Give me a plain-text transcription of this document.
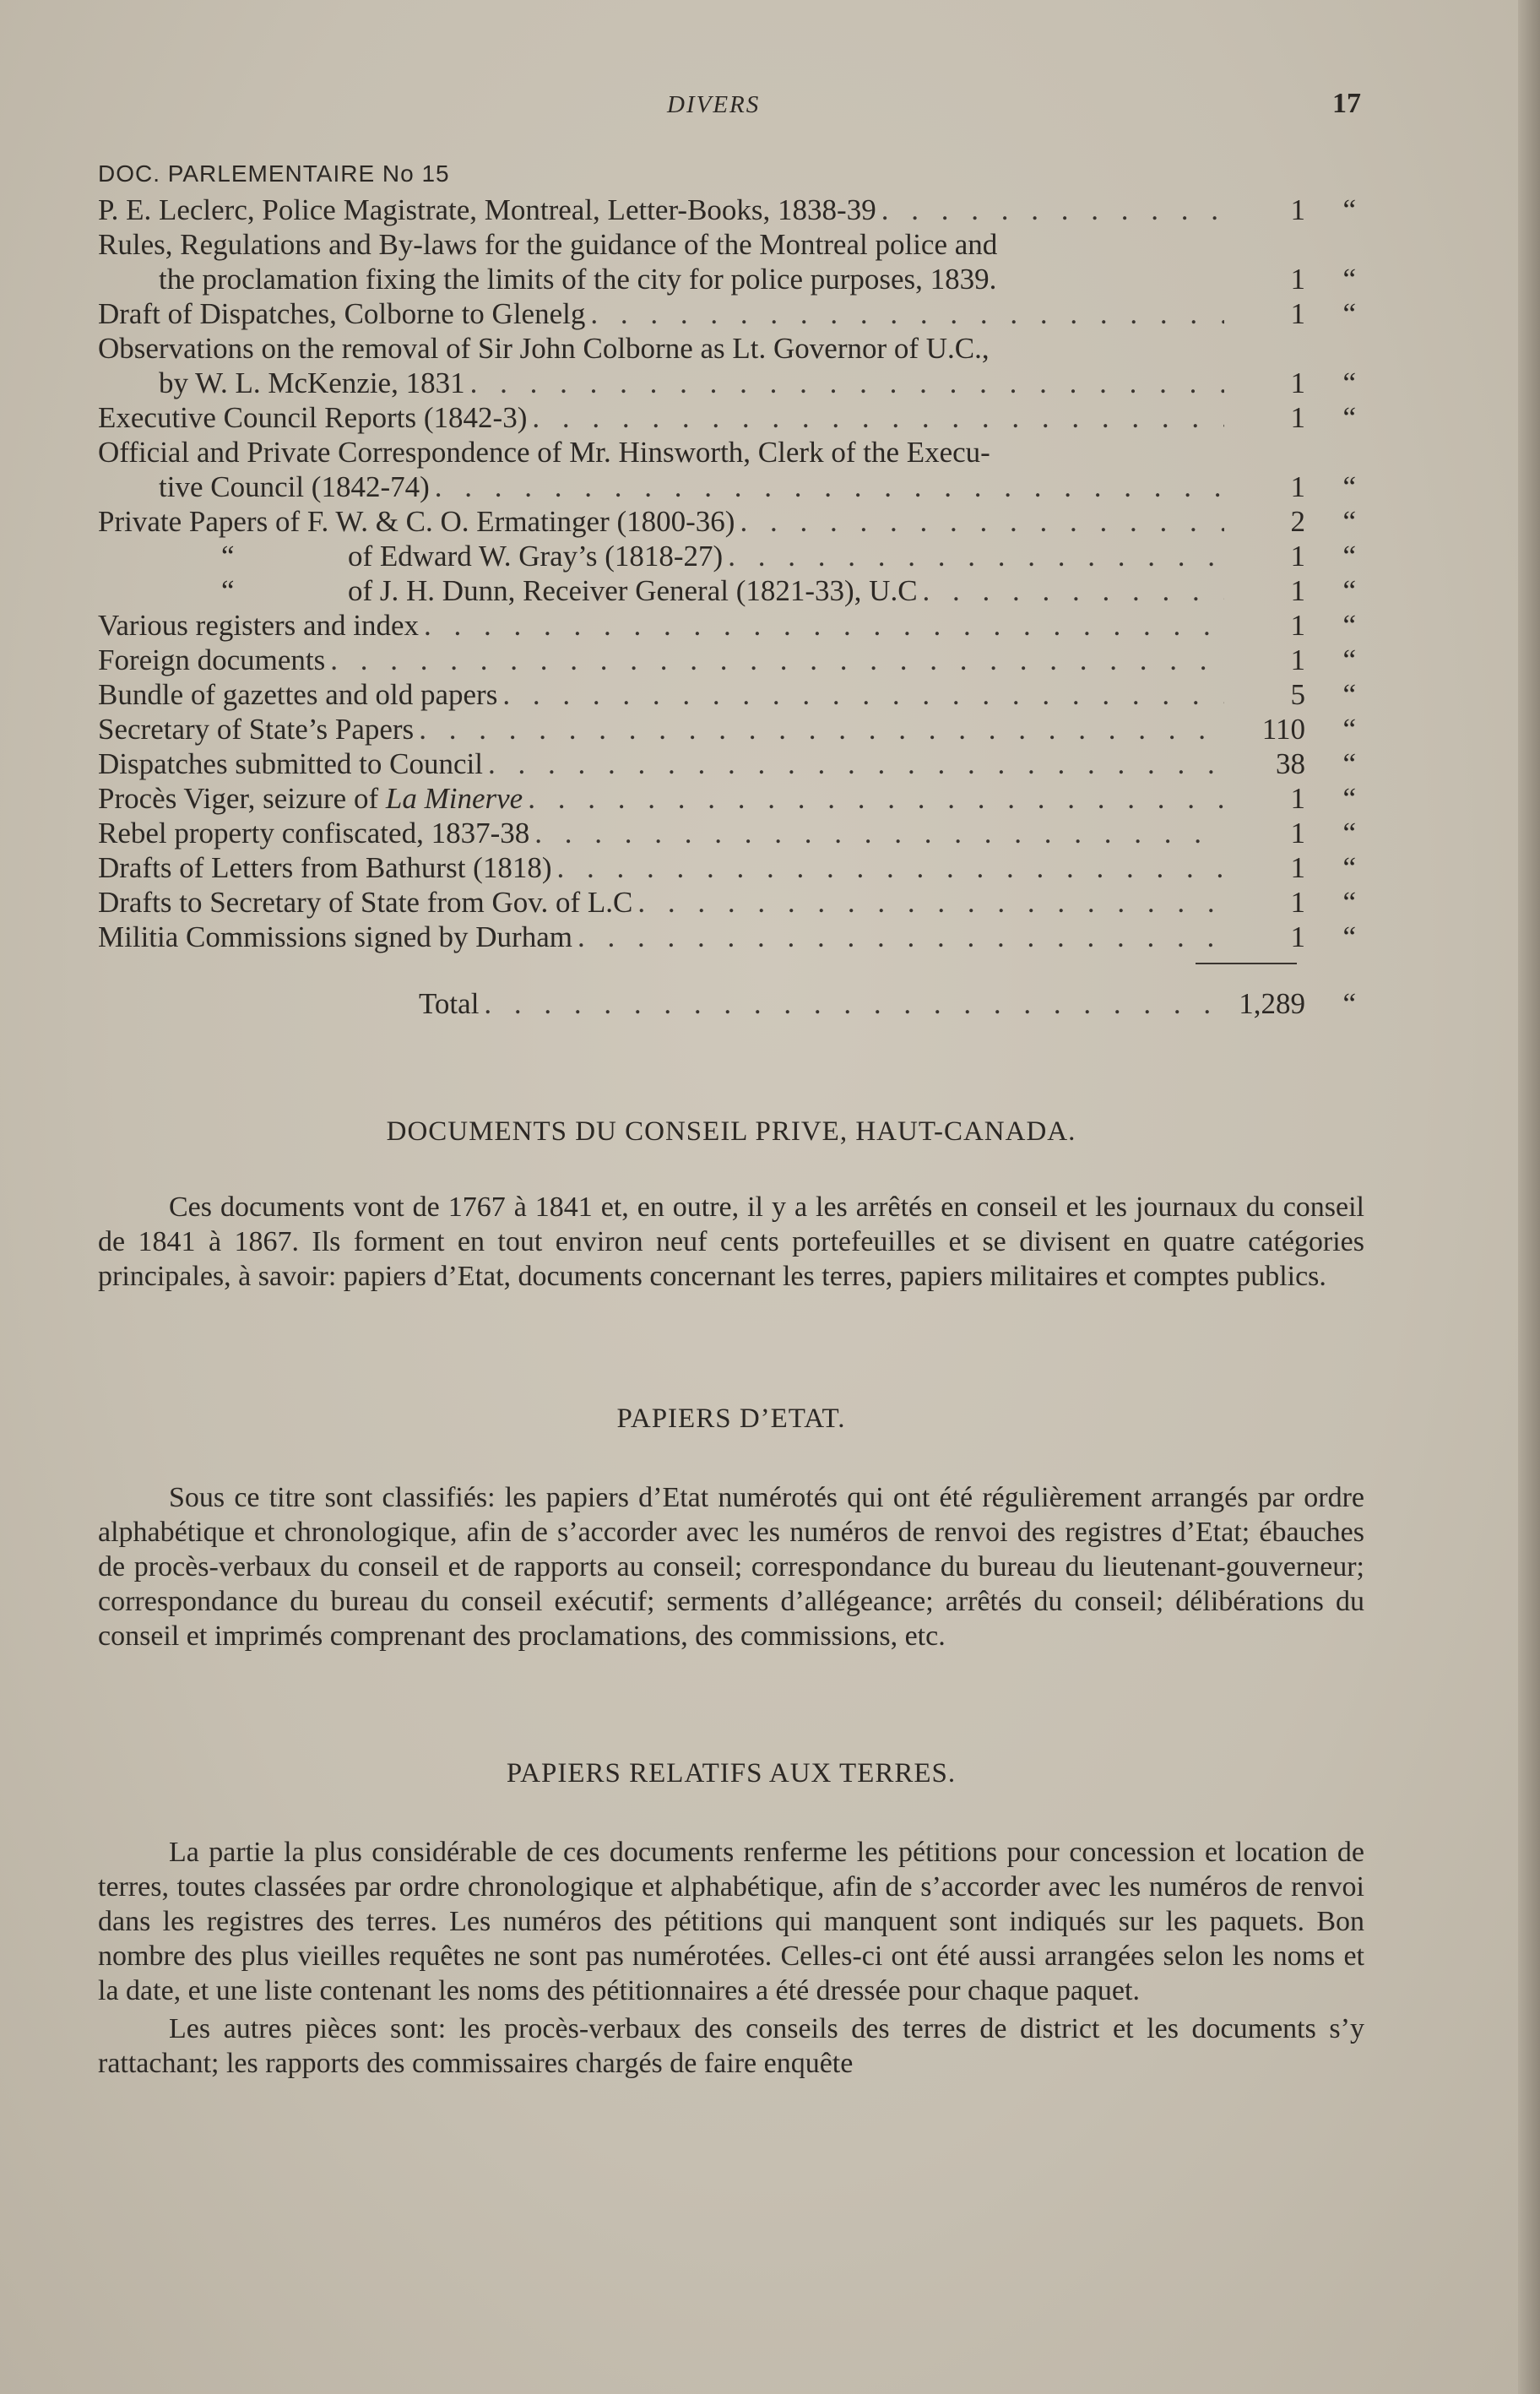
DIVERS	17
DOC. PARLEMENTAIRE No 15
P. E. Leclerc, Police Magistrate, Montreal, Letter-Books, 1838-39 . . .	1	“
Rules, Regulations and By-laws for the guidance of the Montreal police and
the proclamation fixing the limits of the city for police purposes, 1839.	1	“
Draft of Dispatches, Colborne to Glenelg . . .	1	“
Observations on the removal of Sir John Colborne as Lt. Governor of U.C.,
by W. L. McKenzie, 1831 . . .	1	“
Executive Council Reports (1842-3) . . .	1	“
Official and Private Correspondence of Mr. Hinsworth, Clerk of the Execu-
tive Council (1842-74) . . .	1	“
Private Papers of F. W. & C. O. Ermatinger (1800-36) . . .	2	“
“	of Edward W. Gray’s (1818-27) . . .	1	“
“	of J. H. Dunn, Receiver General (1821-33), U.C . . .	1	“
Various registers and index . . .	1	“
Foreign documents . . .	1	“
Bundle of gazettes and old papers . . .	5	“
Secretary of State’s Papers . . .	110	“
Dispatches submitted to Council . . .	38	“
Procès Viger, seizure of La Minerve . . .	1	“
Rebel property confiscated, 1837-38 . . .	1	“
Drafts of Letters from Bathurst (1818) . . .	1	“
Drafts to Secretary of State from Gov. of L.C . . .	1	“
Militia Commissions signed by Durham . . .	1	“
Total . . .	1,289	“
DOCUMENTS DU CONSEIL PRIVE, HAUT-CANADA.

Ces documents vont de 1767 à 1841 et, en outre, il y a les arrêtés en conseil et les journaux du conseil de 1841 à 1867. Ils forment en tout environ neuf cents portefeuilles et se divisent en quatre catégories principales, à savoir: papiers d’Etat, documents concernant les terres, papiers militaires et comptes publics.

PAPIERS D’ETAT.

Sous ce titre sont classifiés: les papiers d’Etat numérotés qui ont été régulièrement arrangés par ordre alphabétique et chronologique, afin de s’accorder avec les numéros de renvoi des registres d’Etat; ébauches de procès-verbaux du conseil et de rapports au conseil; correspondance du bureau du lieutenant-gouverneur; correspondance du bureau du conseil exécutif; serments d’allégeance; arrêtés du conseil; délibérations du conseil et imprimés comprenant des proclamations, des commissions, etc.

PAPIERS RELATIFS AUX TERRES.

La partie la plus considérable de ces documents renferme les pétitions pour concession et location de terres, toutes classées par ordre chronologique et alphabétique, afin de s’accorder avec les numéros de renvoi dans les registres des terres. Les numéros des pétitions qui manquent sont indiqués sur les paquets. Bon nombre des plus vieilles requêtes ne sont pas numérotées. Celles-ci ont été aussi arrangées selon les noms et la date, et une liste contenant les noms des pétitionnaires a été dressée pour chaque paquet.

Les autres pièces sont: les procès-verbaux des conseils des terres de district et les documents s’y rattachant; les rapports des commissaires chargés de faire enquête
